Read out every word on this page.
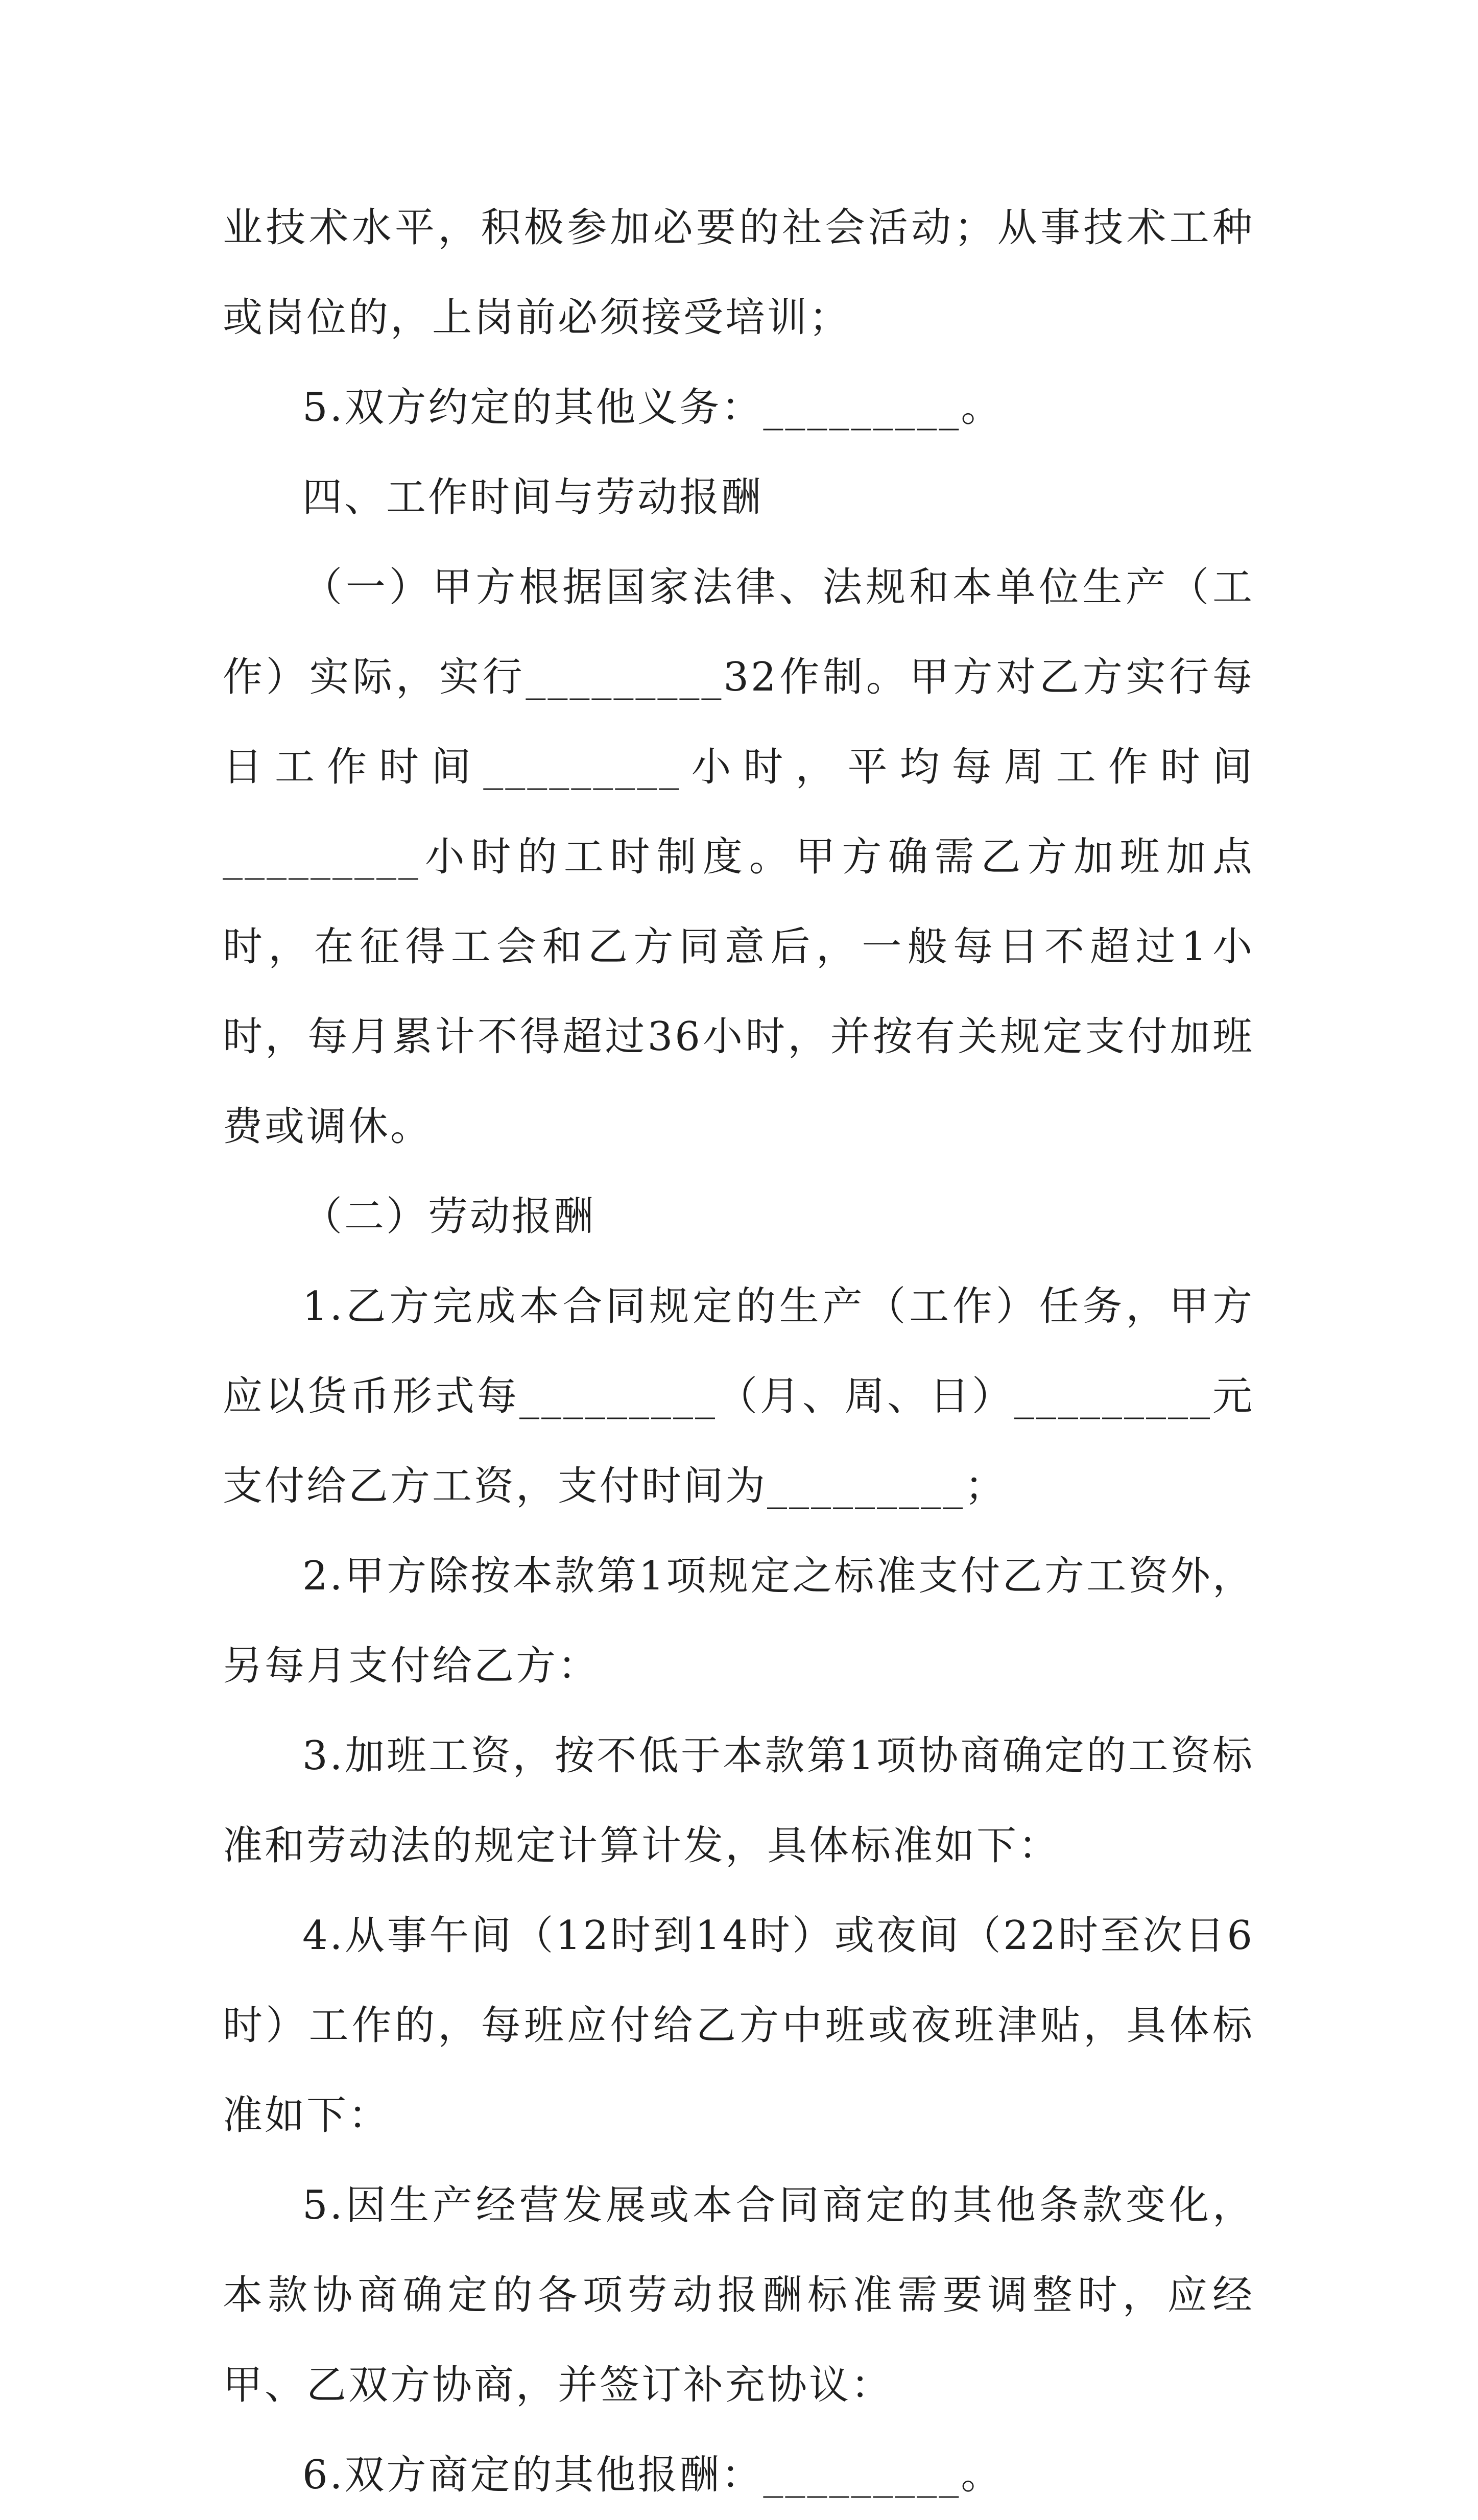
业技术水平，积极参加必要的社会活动；从事技术工种或岗位的，上岗前必须接受培训；

5.双方约定的其他义务：_________。

四、工作时间与劳动报酬

（一）甲方根据国家法律、法规和本单位生产（工作）实际，实行_________32作制。甲方对乙方实行每日工作时间_________小时，平均每周工作时间_________小时的工时制度。甲方确需乙方加班加点时，在征得工会和乙方同意后，一般每日不超过1小时，每月累计不得超过36小时，并按有关规定支付加班费或调休。

（二）劳动报酬

1.乙方完成本合同规定的生产（工作）任务，甲方应以货币形式每_________（月、周、日）_________元支付给乙方工资，支付时间为_________；

2.甲方除按本款第1项规定之标准支付乙方工资外，另每月支付给乙方：

3.加班工资，按不低于本款第1项协商确定的工资标准和劳动法的规定计算计发，具体标准如下：

4.从事午间（12时到14时）或夜间（22时至次日6时）工作的，每班应付给乙方中班或夜班津贴，具体标准如下：

5.因生产经营发展或本合同商定的其他条款变化，本款协商确定的各项劳动报酬标准需要调整时，应经甲、乙双方协商，并签订补充协议：

6.双方商定的其他报酬：_________。
